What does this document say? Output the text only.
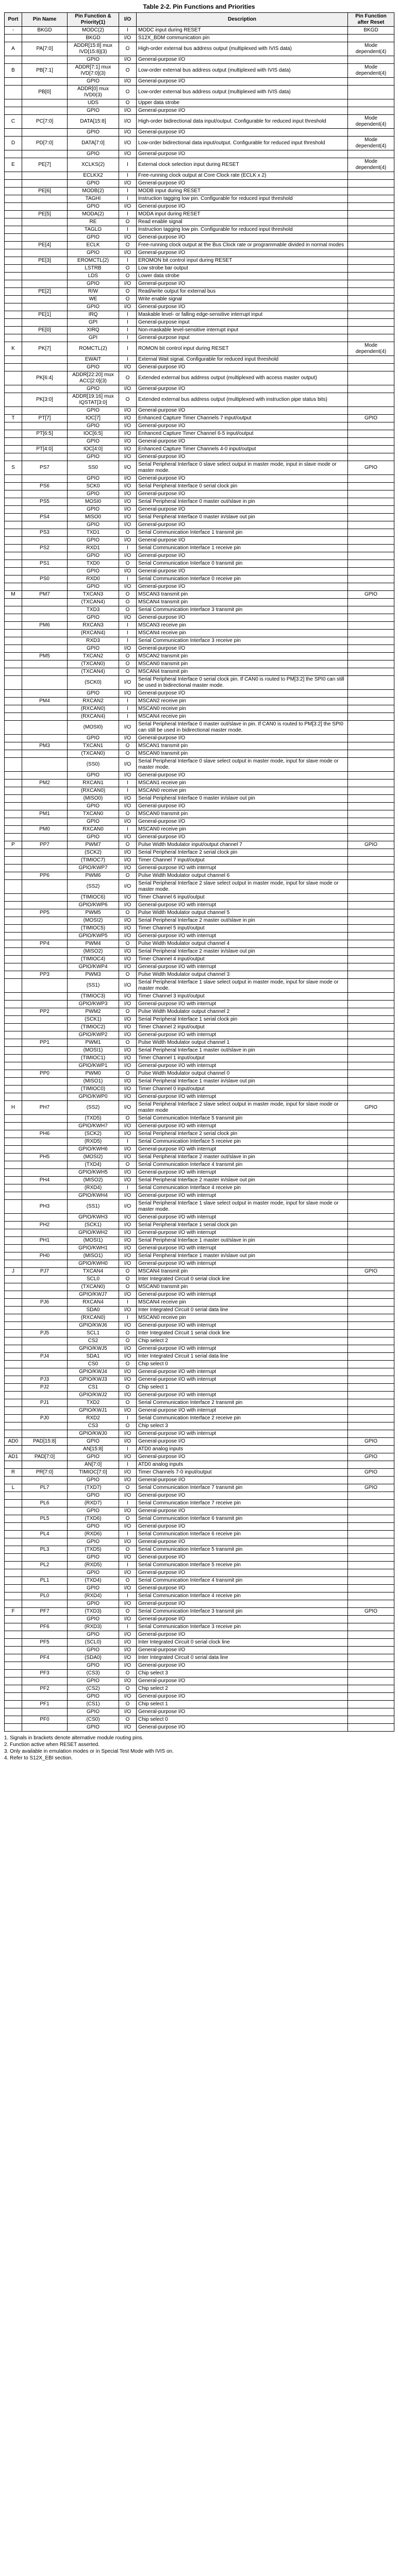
Table 2-2. Pin Functions and Priorities
Port	Pin Name	Pin Function & Priority(1)	I/O	Description	Pin Function after Reset
-	BKGD	MODC(2)	I	MODC input during RESET	BKGD
		BKGD	I/O	S12X_BDM communication pin	
A	PA[7:0]	ADDR[15:8] mux IVD[15:8](3)	O	High-order external bus address output (multiplexed with IVIS data)	Mode dependent(4)
		GPIO	I/O	General-purpose I/O	
B	PB[7:1]	ADDR[7:1] mux IVD[7:0](3)	O	Low-order external bus address output (multiplexed with IVIS data)	Mode dependent(4)
		GPIO	I/O	General-purpose I/O	
	PB[0]	ADDR[0] mux IVD0(3)	O	Low-order external bus address output (multiplexed with IVIS data)	
		UDS	O	Upper data strobe	
		GPIO	I/O	General-purpose I/O	
C	PC[7:0]	DATA[15:8]	I/O	High-order bidirectional data input/output. Configurable for reduced input threshold	Mode dependent(4)
		GPIO	I/O	General-purpose I/O	
D	PD[7:0]	DATA[7:0]	I/O	Low-order bidirectional data input/output. Configurable for reduced input threshold	Mode dependent(4)
		GPIO	I/O	General-purpose I/O	
E	PE[7]	XCLKS(2)	I	External clock selection input during RESET	Mode dependent(4)
		ECLKX2	I	Free-running clock output at Core Clock rate (ECLK x 2)	
		GPIO	I/O	General-purpose I/O	
	PE[6]	MODB(2)	I	MODB input during RESET	
		TAGHI	I	Instruction tagging low pin. Configurable for reduced input threshold	
		GPIO	I/O	General-purpose I/O	
	PE[5]	MODA(2)	I	MODA input during RESET	
		RE	O	Read enable signal	
		TAGLO	I	Instruction tagging low pin. Configurable for reduced input threshold	
		GPIO	I/O	General-purpose I/O	
	PE[4]	ECLK	O	Free-running clock output at the Bus Clock rate or programmable divided in normal modes	
		GPIO	I/O	General-purpose I/O	
	PE[3]	EROMCTL(2)	I	EROMON bit control input during RESET	
		LSTRB	O	Low strobe bar output	
		LDS	O	Lower data strobe	
		GPIO	I/O	General-purpose I/O	
	PE[2]	R/W	O	Read/write output for external bus	
		WE	O	Write enable signal	
		GPIO	I/O	General-purpose I/O	
	PE[1]	IRQ	I	Maskable level- or falling edge-sensitive interrupt input	
		GPI	I	General-purpose input	
	PE[0]	XIRQ	I	Non-maskable level-sensitive interrupt input	
		GPI	I	General-purpose input	
K	PK[7]	ROMCTL(2)	I	ROMON bit control input during RESET	Mode dependent(4)
		EWAIT	I	External Wait signal. Configurable for reduced input threshold	
		GPIO	I/O	General-purpose I/O	
	PK[6:4]	ADDR[22:20] mux ACC[2:0](3)	O	Extended external bus address output (multiplexed with access master output)	
		GPIO	I/O	General-purpose I/O	
	PK[3:0]	ADDR[19:16] mux IQSTAT[3:0]	O	Extended external bus address output (multiplexed with instruction pipe status bits)	
		GPIO	I/O	General-purpose I/O	
T	PT[7]	IOC[7]	I/O	Enhanced Capture Timer Channels 7 input/output	GPIO
		GPIO	I/O	General-purpose I/O	
	PT[6:5]	IOC[6:5]	I/O	Enhanced Capture Timer Channel 6-5 input/output	
		GPIO	I/O	General-purpose I/O	
	PT[4:0]	IOC[4:0]	I/O	Enhanced Capture Timer Channels 4-0 input/output	
		GPIO	I/O	General-purpose I/O	
S	PS7	SS0	I/O	Serial Peripheral Interface 0 slave select output in master mode, input in slave mode or master mode.	GPIO
		GPIO	I/O	General-purpose I/O	
	PS6	SCK0	I/O	Serial Peripheral Interface 0 serial clock pin	
		GPIO	I/O	General-purpose I/O	
	PS5	MOSI0	I/O	Serial Peripheral Interface 0 master out/slave in pin	
		GPIO	I/O	General-purpose I/O	
	PS4	MISO0	I/O	Serial Peripheral Interface 0 master in/slave out pin	
		GPIO	I/O	General-purpose I/O	
	PS3	TXD1	O	Serial Communication Interface 1 transmit pin	
		GPIO	I/O	General-purpose I/O	
	PS2	RXD1	I	Serial Communication Interface 1 receive pin	
		GPIO	I/O	General-purpose I/O	
	PS1	TXD0	O	Serial Communication Interface 0 transmit pin	
		GPIO	I/O	General-purpose I/O	
	PS0	RXD0	I	Serial Communication Interface 0 receive pin	
		GPIO	I/O	General-purpose I/O	
M	PM7	TXCAN3	O	MSCAN3 transmit pin	GPIO
		(TXCAN4)	O	MSCAN4 transmit pin	
		TXD3	O	Serial Communication Interface 3 transmit pin	
		GPIO	I/O	General-purpose I/O	
	PM6	RXCAN3	I	MSCAN3 receive pin	
		(RXCAN4)	I	MSCAN4 receive pin	
		RXD3	I	Serial Communication Interface 3 receive pin	
		GPIO	I/O	General-purpose I/O	
	PM5	TXCAN2	O	MSCAN2 transmit pin	
		(TXCAN0)	O	MSCAN0 transmit pin	
		(TXCAN4)	O	MSCAN4 transmit pin	
		(SCK0)	I/O	Serial Peripheral Interface 0 serial clock pin. If CAN0 is routed to PM[3:2] the SPI0 can still be used in bidirectional master mode.	
		GPIO	I/O	General-purpose I/O	
	PM4	RXCAN2	I	MSCAN2 receive pin	
		(RXCAN0)	I	MSCAN0 receive pin	
		(RXCAN4)	I	MSCAN4 receive pin	
		(MOSI0)	I/O	Serial Peripheral Interface 0 master out/slave in pin. If CAN0 is routed to PM[3:2] the SPI0 can still be used in bidirectional master mode.	
		GPIO	I/O	General-purpose I/O	
	PM3	TXCAN1	O	MSCAN1 transmit pin	
		(TXCAN0)	O	MSCAN0 transmit pin	
		(SS0)	I/O	Serial Peripheral Interface 0 slave select output in master mode, input for slave mode or master mode.	
		GPIO	I/O	General-purpose I/O	
	PM2	RXCAN1	I	MSCAN1 receive pin	
		(RXCAN0)	I	MSCAN0 receive pin	
		(MISO0)	I/O	Serial Peripheral Interface 0 master in/slave out pin	
		GPIO	I/O	General-purpose I/O	
	PM1	TXCAN0	O	MSCAN0 transmit pin	
		GPIO	I/O	General-purpose I/O	
	PM0	RXCAN0	I	MSCAN0 receive pin	
		GPIO	I/O	General-purpose I/O	
P	PP7	PWM7	O	Pulse Width Modulator input/output channel 7	GPIO
		(SCK2)	I/O	Serial Peripheral Interface 2 serial clock pin	
		(TIMIOC7)	I/O	Timer Channel 7 input/output	
		GPIO/KWP7	I/O	General-purpose I/O with interrupt	
	PP6	PWM6	O	Pulse Width Modulator output channel 6	
		(SS2)	I/O	Serial Peripheral Interface 2 slave select output in master mode, input for slave mode or master mode.	
		(TIMIOC6)	I/O	Timer Channel 6 input/output	
		GPIO/KWP6	I/O	General-purpose I/O with interrupt	
	PP5	PWM5	O	Pulse Width Modulator output channel 5	
		(MOSI2)	I/O	Serial Peripheral Interface 2 master out/slave in pin	
		(TIMIOC5)	I/O	Timer Channel 5 input/output	
		GPIO/KWP5	I/O	General-purpose I/O with interrupt	
	PP4	PWM4	O	Pulse Width Modulator output channel 4	
		(MISO2)	I/O	Serial Peripheral Interface 2 master in/slave out pin	
		(TIMIOC4)	I/O	Timer Channel 4 input/output	
		GPIO/KWP4	I/O	General-purpose I/O with interrupt	
	PP3	PWM3	O	Pulse Width Modulator output channel 3	
		(SS1)	I/O	Serial Peripheral Interface 1 slave select output in master mode, input for slave mode or master mode.	
		(TIMIOC3)	I/O	Timer Channel 3 input/output	
		GPIO/KWP3	I/O	General-purpose I/O with interrupt	
	PP2	PWM2	O	Pulse Width Modulator output channel 2	
		(SCK1)	I/O	Serial Peripheral Interface 1 serial clock pin	
		(TIMIOC2)	I/O	Timer Channel 2 input/output	
		GPIO/KWP2	I/O	General-purpose I/O with interrupt	
	PP1	PWM1	O	Pulse Width Modulator output channel 1	
		(MOSI1)	I/O	Serial Peripheral Interface 1 master out/slave in pin	
		(TIMIOC1)	I/O	Timer Channel 1 input/output	
		GPIO/KWP1	I/O	General-purpose I/O with interrupt	
	PP0	PWM0	O	Pulse Width Modulator output channel 0	
		(MISO1)	I/O	Serial Peripheral Interface 1 master in/slave out pin	
		(TIMIOC0)	I/O	Timer Channel 0 input/output	
		GPIO/KWP0	I/O	General-purpose I/O with interrupt	
H	PH7	(SS2)	I/O	Serial Peripheral Interface 2 slave select output in master mode, input for slave mode or master mode	GPIO
		(TXD5)	O	Serial Communication Interface 5 transmit pin	
		GPIO/KWH7	I/O	General-purpose I/O with interrupt	
	PH6	(SCK2)	I/O	Serial Peripheral Interface 2 serial clock pin	
		(RXD5)	I	Serial Communication Interface 5 receive pin	
		GPIO/KWH6	I/O	General-purpose I/O with interrupt	
	PH5	(MOSI2)	I/O	Serial Peripheral Interface 2 master out/slave in pin	
		(TXD4)	O	Serial Communication Interface 4 transmit pin	
		GPIO/KWH5	I/O	General-purpose I/O with interrupt	
	PH4	(MISO2)	I/O	Serial Peripheral Interface 2 master in/slave out pin	
		(RXD4)	I	Serial Communication Interface 4 receive pin	
		GPIO/KWH4	I/O	General-purpose I/O with interrupt	
	PH3	(SS1)	I/O	Serial Peripheral Interface 1 slave select output in master mode, input for slave mode or master mode.	
		GPIO/KWH3	I/O	General-purpose I/O with interrupt	
	PH2	(SCK1)	I/O	Serial Peripheral Interface 1 serial clock pin	
		GPIO/KWH2	I/O	General-purpose I/O with interrupt	
	PH1	(MOSI1)	I/O	Serial Peripheral Interface 1 master out/slave in pin	
		GPIO/KWH1	I/O	General-purpose I/O with interrupt	
	PH0	(MISO1)	I/O	Serial Peripheral Interface 1 master in/slave out pin	
		GPIO/KWH0	I/O	General-purpose I/O with interrupt	
J	PJ7	TXCAN4	O	MSCAN4 transmit pin	GPIO
		SCL0	O	Inter Integrated Circuit 0 serial clock line	
		(TXCAN0)	O	MSCAN0 transmit pin	
		GPIO/KWJ7	I/O	General-purpose I/O with interrupt	
	PJ6	RXCAN4	I	MSCAN4 receive pin	
		SDA0	I/O	Inter Integrated Circuit 0 serial data line	
		(RXCAN0)	I	MSCAN0 receive pin	
		GPIO/KWJ6	I/O	General-purpose I/O with interrupt	
	PJ5	SCL1	O	Inter Integrated Circuit 1 serial clock line	
		CS2	O	Chip select 2	
		GPIO/KWJ5	I/O	General-purpose I/O with interrupt	
	PJ4	SDA1	I/O	Inter Integrated Circuit 1 serial data line	
		CS0	O	Chip select 0	
		GPIO/KWJ4	I/O	General-purpose I/O with interrupt	
	PJ3	GPIO/KWJ3	I/O	General-purpose I/O with interrupt	
	PJ2	CS1	O	Chip select 1	
		GPIO/KWJ2	I/O	General-purpose I/O with interrupt	
	PJ1	TXD2	O	Serial Communication Interface 2 transmit pin	
		GPIO/KWJ1	I/O	General-purpose I/O with interrupt	
	PJ0	RXD2	I	Serial Communication Interface 2 receive pin	
		CS3	O	Chip select 3	
		GPIO/KWJ0	I/O	General-purpose I/O with interrupt	
AD0	PAD[15:8]	GPIO	I/O	General-purpose I/O	GPIO
		AN[15:8]	I	ATD0 analog inputs	
AD1	PAD[7:0]	GPIO	I/O	General-purpose I/O	GPIO
		AN[7:0]	I	ATD0 analog inputs	
R	PR[7:0]	TIMIOC[7:0]	I/O	Timer Channels 7-0 input/output	GPIO
		GPIO	I/O	General-purpose I/O	
L	PL7	(TXD7)	O	Serial Communication Interface 7 transmit pin	GPIO
		GPIO	I/O	General-purpose I/O	
	PL6	(RXD7)	I	Serial Communication Interface 7 receive pin	
		GPIO	I/O	General-purpose I/O	
	PL5	(TXD6)	O	Serial Communication Interface 6 transmit pin	
		GPIO	I/O	General-purpose I/O	
	PL4	(RXD6)	I	Serial Communication Interface 6 receive pin	
		GPIO	I/O	General-purpose I/O	
	PL3	(TXD5)	O	Serial Communication Interface 5 transmit pin	
		GPIO	I/O	General-purpose I/O	
	PL2	(RXD5)	I	Serial Communication Interface 5 receive pin	
		GPIO	I/O	General-purpose I/O	
	PL1	(TXD4)	O	Serial Communication Interface 4 transmit pin	
		GPIO	I/O	General-purpose I/O	
	PL0	(RXD4)	I	Serial Communication Interface 4 receive pin	
		GPIO	I/O	General-purpose I/O	
F	PF7	(TXD3)	O	Serial Communication Interface 3 transmit pin	GPIO
		GPIO	I/O	General-purpose I/O	
	PF6	(RXD3)	I	Serial Communication Interface 3 receive pin	
		GPIO	I/O	General-purpose I/O	
	PF5	(SCL0)	I/O	Inter Integrated Circuit 0 serial clock line	
		GPIO	I/O	General-purpose I/O	
	PF4	(SDA0)	I/O	Inter Integrated Circuit 0 serial data line	
		GPIO	I/O	General-purpose I/O	
	PF3	(CS3)	O	Chip select 3	
		GPIO	I/O	General-purpose I/O	
	PF2	(CS2)	O	Chip select 2	
		GPIO	I/O	General-purpose I/O	
	PF1	(CS1)	O	Chip select 1	
		GPIO	I/O	General-purpose I/O	
	PF0	(CS0)	O	Chip select 0	
		GPIO	I/O	General-purpose I/O	
1. Signals in brackets denote alternative module routing pins.
2. Function active when RESET asserted.
3. Only available in emulation modes or in Special Test Mode with IVIS on.
4. Refer to S12X_EBI section.
